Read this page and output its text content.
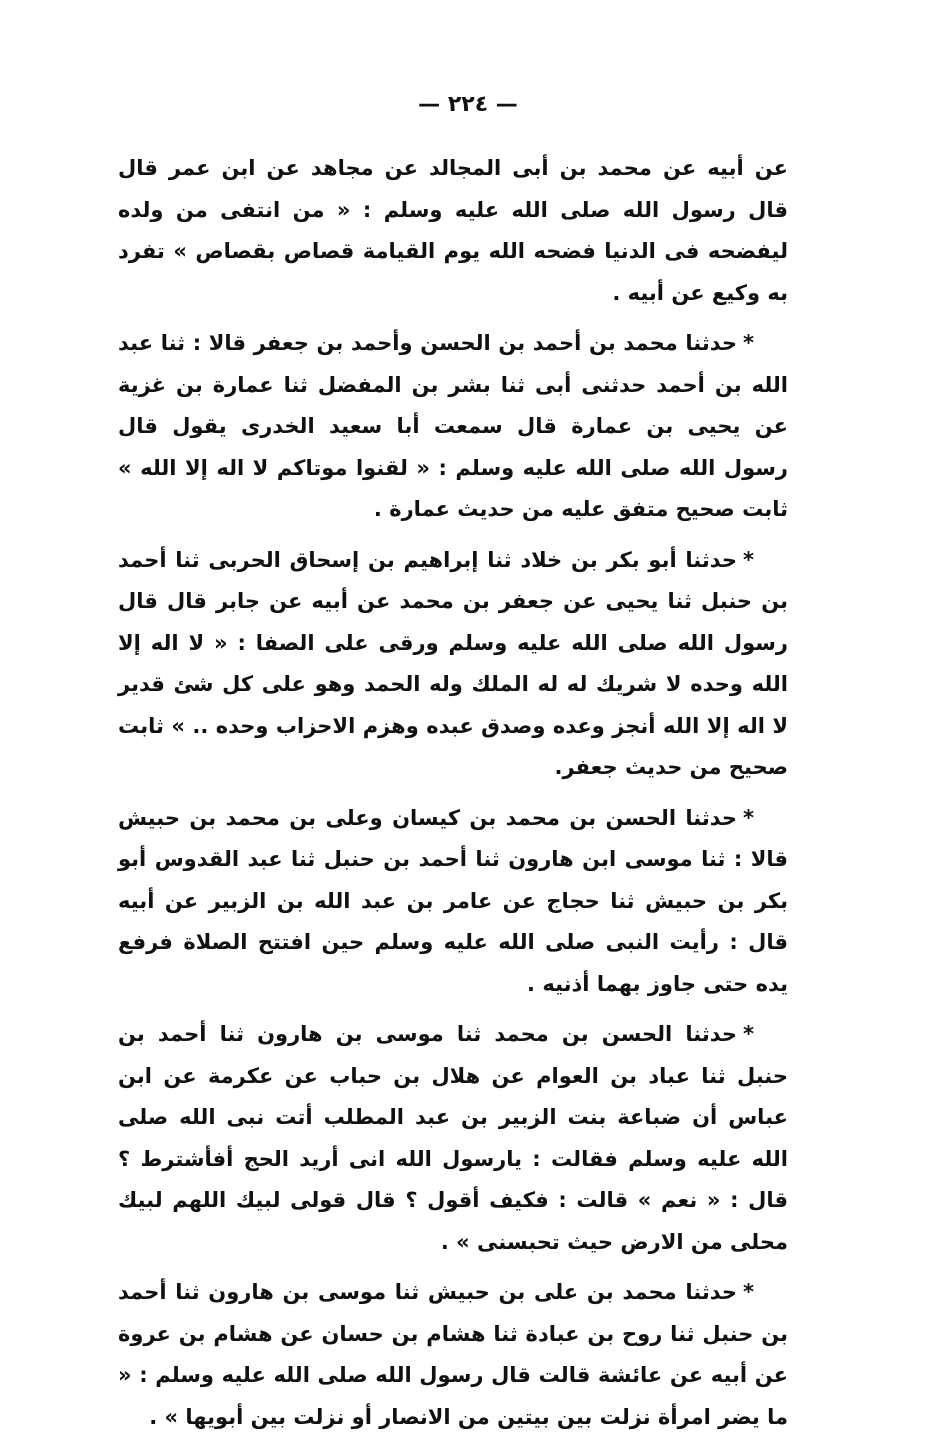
— ٢٢٤ —

عن أبيه عن محمد بن أبى المجالد عن مجاهد عن ابن عمر قال قال رسول الله صلى الله عليه وسلم : « من انتفى من ولده ليفضحه فى الدنيا فضحه الله يوم القيامة قصاص بقصاص » تفرد به وكيع عن أبيه .

*حدثنا محمد بن أحمد بن الحسن وأحمد بن جعفر قالا : ثنا عبد الله بن أحمد حدثنى أبى ثنا بشر بن المفضل ثنا عمارة بن غزية عن يحيى بن عمارة قال سمعت أبا سعيد الخدرى يقول قال رسول الله صلى الله عليه وسلم : « لقنوا موتاكم لا اله إلا الله » ثابت صحيح متفق عليه من حديث عمارة .

*حدثنا أبو بكر بن خلاد ثنا إبراهيم بن إسحاق الحربى ثنا أحمد بن حنبل ثنا يحيى عن جعفر بن محمد عن أبيه عن جابر قال قال رسول الله صلى الله عليه وسلم ورقى على الصفا : « لا اله إلا الله وحده لا شريك له له الملك وله الحمد وهو على كل شئ قدير لا اله إلا الله أنجز وعده وصدق عبده وهزم الاحزاب وحده .. » ثابت صحيح من حديث جعفر.

*حدثنا الحسن بن محمد بن كيسان وعلى بن محمد بن حبيش قالا : ثنا موسى ابن هارون ثنا أحمد بن حنبل ثنا عبد القدوس أبو بكر بن حبيش ثنا حجاج عن عامر بن عبد الله بن الزبير عن أبيه قال : رأيت النبى صلى الله عليه وسلم حين افتتح الصلاة فرفع يده حتى جاوز بهما أذنيه .

*حدثنا الحسن بن محمد ثنا موسى بن هارون ثنا أحمد بن حنبل ثنا عباد بن العوام عن هلال بن حباب عن عكرمة عن ابن عباس أن ضباعة بنت الزبير بن عبد المطلب أتت نبى الله صلى الله عليه وسلم فقالت : يارسول الله انى أريد الحج أفأشترط ؟ قال : « نعم » قالت : فكيف أقول ؟ قال قولى لبيك اللهم لبيك محلى من الارض حيث تحبسنى » .

*حدثنا محمد بن على بن حبيش ثنا موسى بن هارون ثنا أحمد بن حنبل ثنا روح بن عبادة ثنا هشام بن حسان عن هشام بن عروة عن أبيه عن عائشة قالت قال رسول الله صلى الله عليه وسلم : « ما يضر امرأة نزلت بين بيتين من الانصار أو نزلت بين أبويها » .
